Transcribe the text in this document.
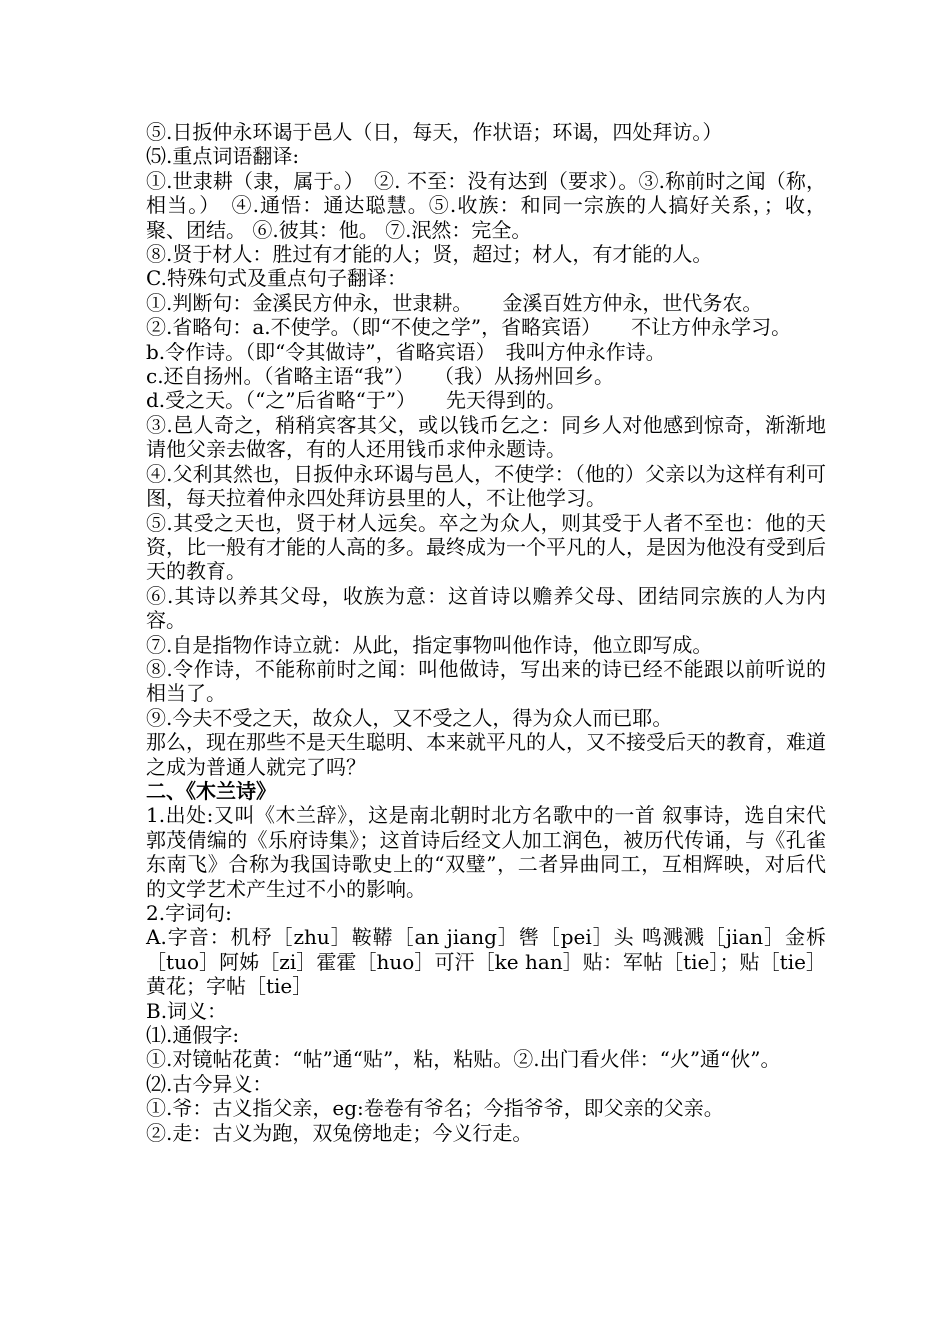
⑤.日扳仲永环谒于邑人（日，每天，作状语；环谒，四处拜访。）

⑸.重点词语翻译:

①.世隶耕（隶，属于。）　②. 不至：没有达到（要求）。③.称前时之闻（称，相当。）　④.通悟：通达聪慧。⑤.收族：和同一宗族的人搞好关系，；收，聚、团结。 ⑥.彼其：他。 ⑦.泯然：完全。

⑧.贤于材人：胜过有才能的人；贤，超过；材人，有才能的人。

C.特殊句式及重点句子翻译：

①.判断句：金溪民方仲永，世隶耕。　　金溪百姓方仲永，世代务农。

②.省略句：a.不使学。（即“不使之学”，省略宾语）　　不让方仲永学习。

b.令作诗。（即“令其做诗”，省略宾语）　我叫方仲永作诗。

c.还自扬州。（省略主语“我”）　　（我）从扬州回乡。

d.受之天。（“之”后省略“于”）　　先天得到的。

③.邑人奇之，稍稍宾客其父，或以钱币乞之：同乡人对他感到惊奇，渐渐地请他父亲去做客，有的人还用钱币求仲永题诗。

④.父利其然也，日扳仲永环谒与邑人，不使学：（他的）父亲以为这样有利可图，每天拉着仲永四处拜访县里的人，不让他学习。

⑤.其受之天也，贤于材人远矣。卒之为众人，则其受于人者不至也：他的天资，比一般有才能的人高的多。最终成为一个平凡的人，是因为他没有受到后天的教育。

⑥.其诗以养其父母，收族为意：这首诗以赡养父母、团结同宗族的人为内容。

⑦.自是指物作诗立就：从此，指定事物叫他作诗，他立即写成。

⑧.令作诗，不能称前时之闻：叫他做诗，写出来的诗已经不能跟以前听说的相当了。

⑨.今夫不受之天，故众人，又不受之人，得为众人而已耶。

那么，现在那些不是天生聪明、本来就平凡的人，又不接受后天的教育，难道之成为普通人就完了吗？

二、《木兰诗》

1.出处:又叫《木兰辞》，这是南北朝时北方名歌中的一首 叙事诗，选自宋代郭茂倩编的《乐府诗集》；这首诗后经文人加工润色，被历代传诵，与《孔雀东南飞》合称为我国诗歌史上的“双璧”，二者异曲同工，互相辉映，对后代的文学艺术产生过不小的影响。

2.字词句:

A.字音：机杼［zhu］鞍鞯［an jiang］辔［pei］头 鸣溅溅［jian］金柝［tuo］阿姊［zi］霍霍［huo］可汗［ke han］贴：军帖［tie］；贴［tie］黄花；字帖［tie］

B.词义：

⑴.通假字:

①.对镜帖花黄：“帖”通“贴”，粘，粘贴。②.出门看火伴：“火”通“伙”。

⑵.古今异义：

①.爷：古义指父亲，eg:卷卷有爷名；今指爷爷，即父亲的父亲。

②.走：古义为跑，双兔傍地走；今义行走。
